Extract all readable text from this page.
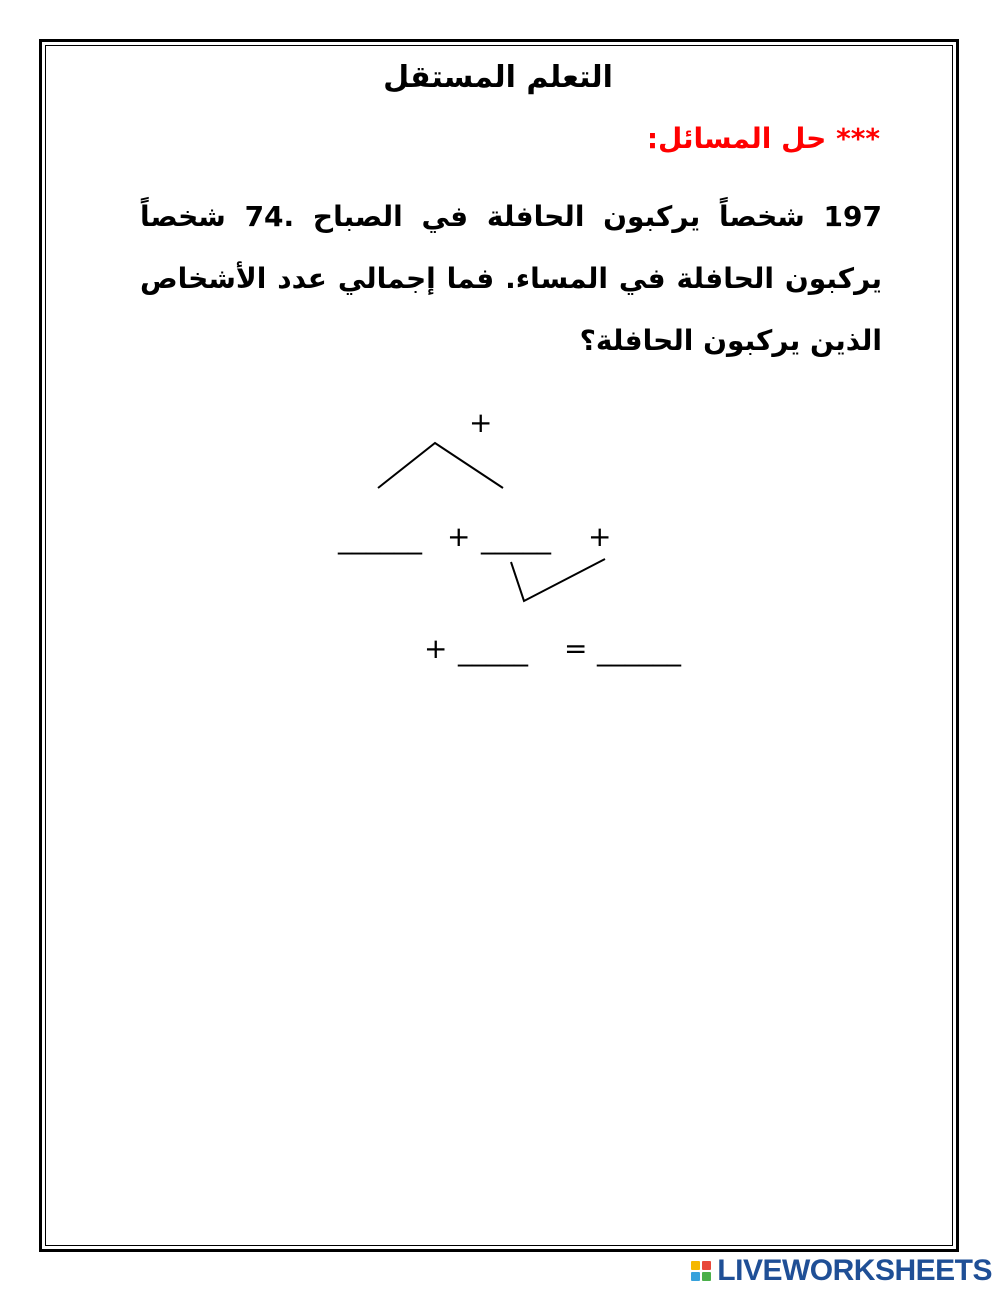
التعلم المستقل
*** حل المسائل:
197 شخصاً يركبون الحافلة في الصباح .74 شخصاً
يركبون الحافلة في المساء. فما إجمالي عدد الأشخاص
الذين يركبون الحافلة؟
+
______ + _____ +
______
=
_____
+
LIVEWORKSHEETS
